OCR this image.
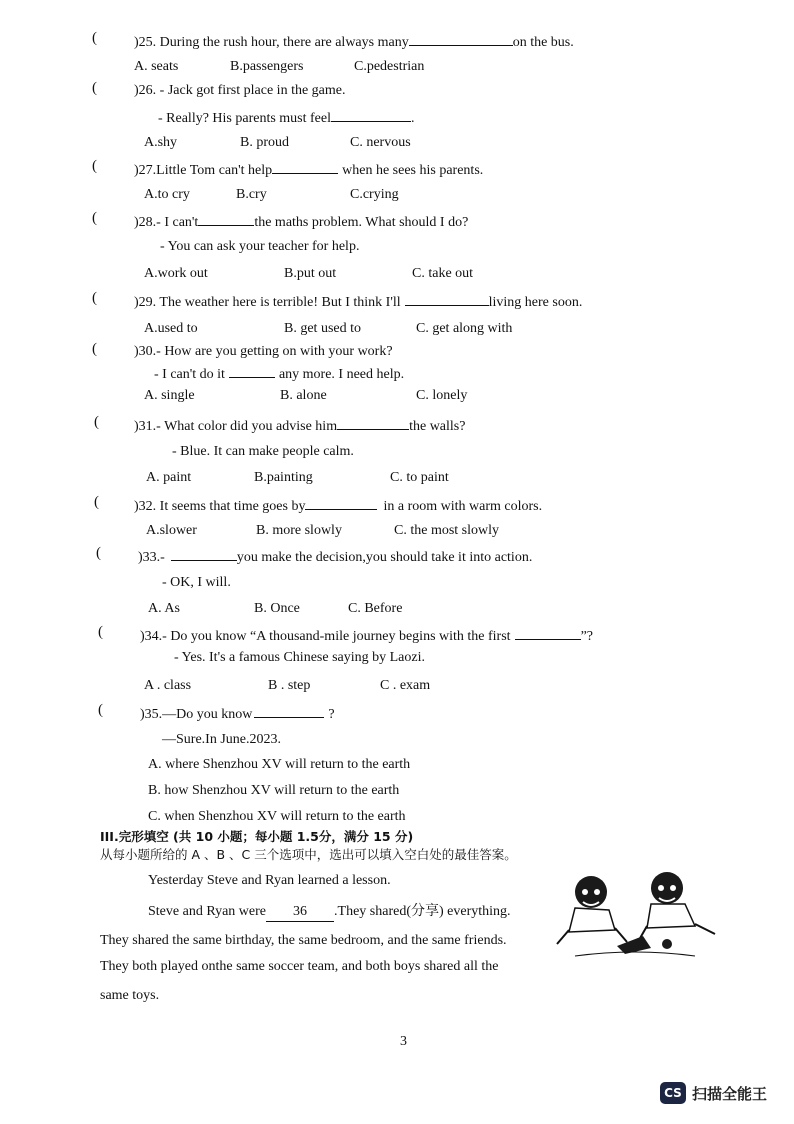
(	)25. During the rush hour, there are always many	on the bus.
A. seats	B.passengers	C.pedestrian
(	)26. - Jack got first place in the game.
- Really? His parents must feel	.
A.shy	B. proud	C. nervous
(	)27.Little Tom can't help	when he sees his parents.
A.to cry	B.cry	C.crying
(	)28.- I can't	the maths problem. What should I do?
- You can ask your teacher for help.
A.work out	B.put out	C. take out
(	)29. The weather here is terrible! But I think I'll	living here soon.
A.used to	B. get used to	C. get along with
(	)30.- How are you getting on with your work?
- I can't do it	any more. I need help.
A. single	B. alone	C. lonely
(	)31.- What color did you advise him	the walls?
- Blue. It can make people calm.
A. paint	B.painting	C. to paint
(	)32. It seems that time goes by	in a room with warm colors.
A.slower	B. more slowly	C. the most slowly
(	)33.-	you make the decision,you should take it into action.
- OK, I will.
A. As	B. Once	C. Before
(	)34.- Do you know “A thousand-mile journey begins with the first	”?
- Yes. It's a famous Chinese saying by Laozi.
A . class	B . step	C . exam
(	)35.—Do you know	?
—Sure.In June.2023.
A. where Shenzhou XV will return to the earth
B. how Shenzhou XV will return to the earth
C. when Shenzhou XV will return to the earth
III.完形填空 (共 10 小题；每小题 1.5分，满分 15 分)
从每小题所给的 A 、B 、C 三个选项中，选出可以填入空白处的最佳答案。
Yesterday Steve and Ryan learned a lesson.
Steve and Ryan were 36 .They shared(分享) everything.
They shared the same birthday, the same bedroom, and the same friends.
They both played onthe same soccer team, and both boys shared all the
same toys.
3
CS 扫描全能王
